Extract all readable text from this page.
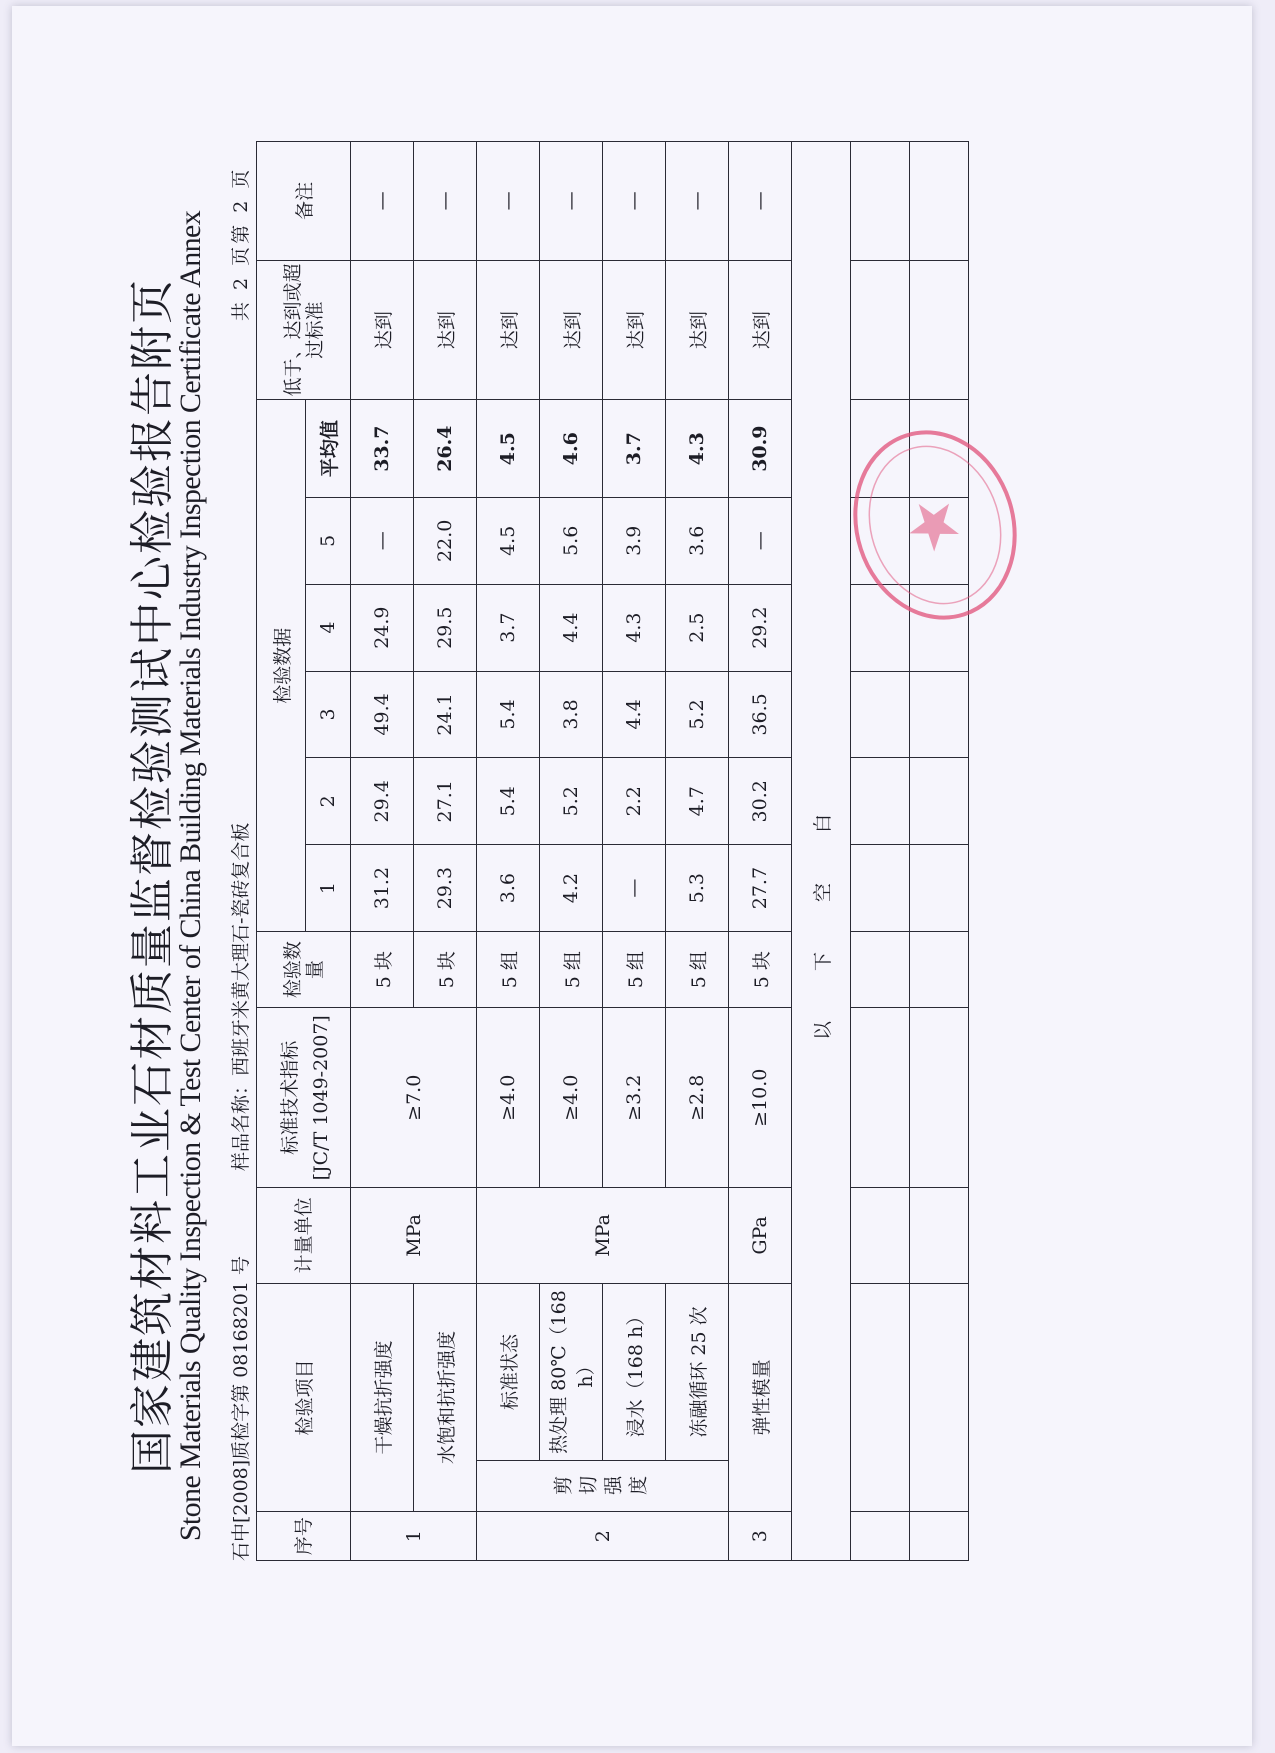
国家建筑材料工业石材质量监督检验测试中心检验报告附页
Stone Materials Quality Inspection & Test Center of China Building Materials Industry Inspection Certificate Annex 石中[2008]质检字第 08168201 号
样品名称：西班牙米黄大理石-瓷砖复合板
共 2 页第 2 页
序号	检验项目		计量单位	标准技术指标 [JC/T 1049-2007]	检验数量	检验数据						低于、达到或超过标准	备注
						1	2	3	4	5	平均值		
1	干燥抗折强度		MPa	≥7.0	5 块	31.2	29.4	49.4	24.9	—	33.7	达到	—
	水饱和抗折强度				5 块	29.3	27.1	24.1	29.5	22.0	26.4	达到	—
2	剪切强度	标准状态	MPa	≥4.0	5 组	3.6	5.4	5.4	3.7	4.5	4.5	达到	—
		热处理 80℃（168 h）		≥4.0	5 组	4.2	5.2	3.8	4.4	5.6	4.6	达到	—
		浸水（168 h）		≥3.2	5 组	—	2.2	4.4	4.3	3.9	3.7	达到	—
		冻融循环 25 次		≥2.8	5 组	5.3	4.7	5.2	2.5	3.6	4.3	达到	—
3	弹性模量		GPa	≥10.0	5 块	27.7	30.2	36.5	29.2	—	30.9	达到	—
以　　下　　空　　白													
